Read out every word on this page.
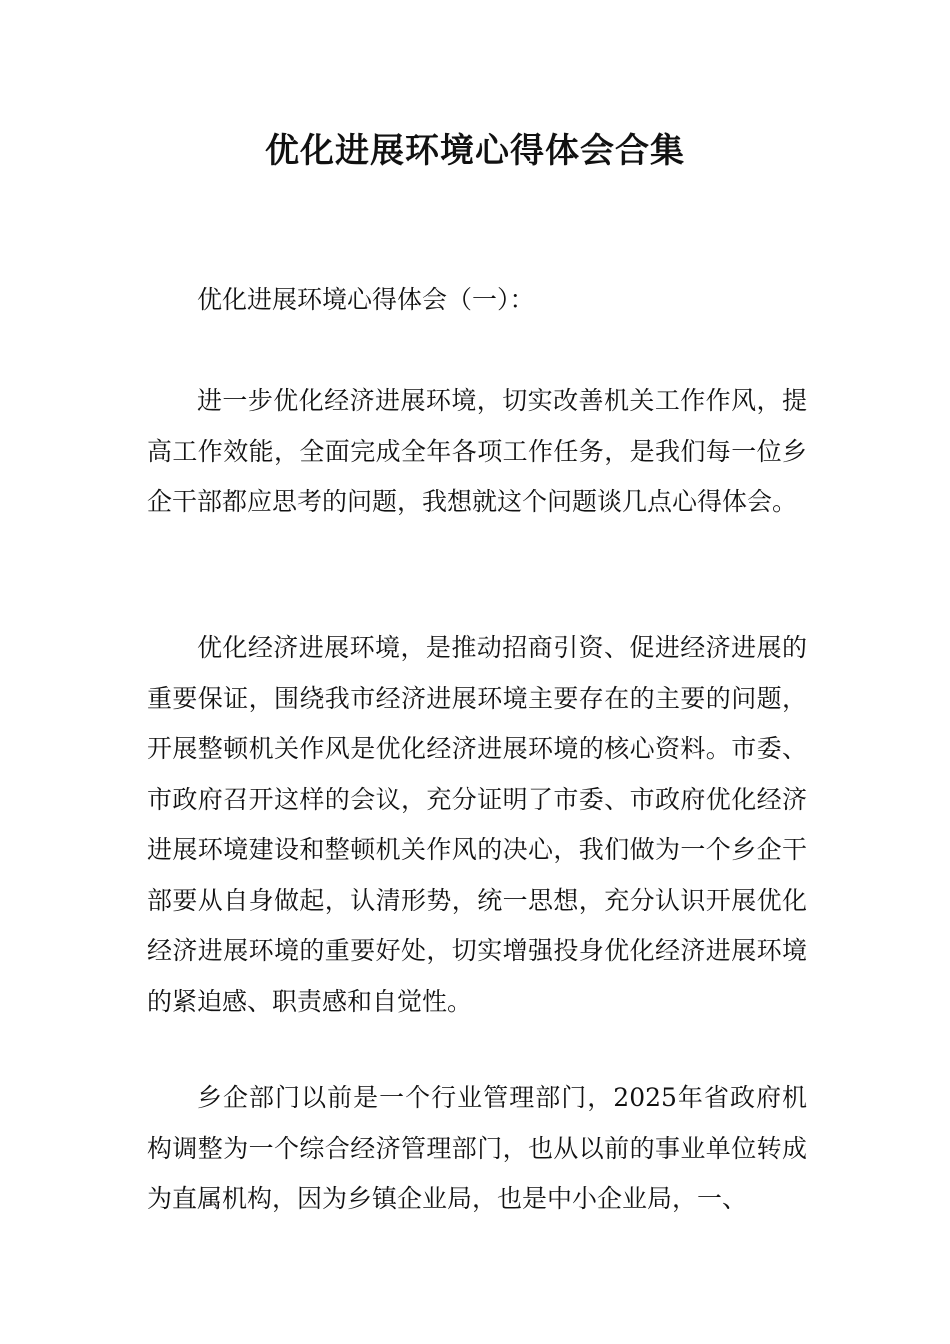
优化进展环境心得体会合集
优化进展环境心得体会（一）：

进一步优化经济进展环境，切实改善机关工作作风，提高工作效能，全面完成全年各项工作任务，是我们每一位乡企干部都应思考的问题，我想就这个问题谈几点心得体会。

优化经济进展环境，是推动招商引资、促进经济进展的重要保证，围绕我市经济进展环境主要存在的主要的问题，开展整顿机关作风是优化经济进展环境的核心资料。市委、市政府召开这样的会议，充分证明了市委、市政府优化经济进展环境建设和整顿机关作风的决心，我们做为一个乡企干部要从自身做起，认清形势，统一思想，充分认识开展优化经济进展环境的重要好处，切实增强投身优化经济进展环境的紧迫感、职责感和自觉性。

乡企部门以前是一个行业管理部门，2025年省政府机构调整为一个综合经济管理部门，也从以前的事业单位转成为直属机构，因为乡镇企业局，也是中小企业局，一、
